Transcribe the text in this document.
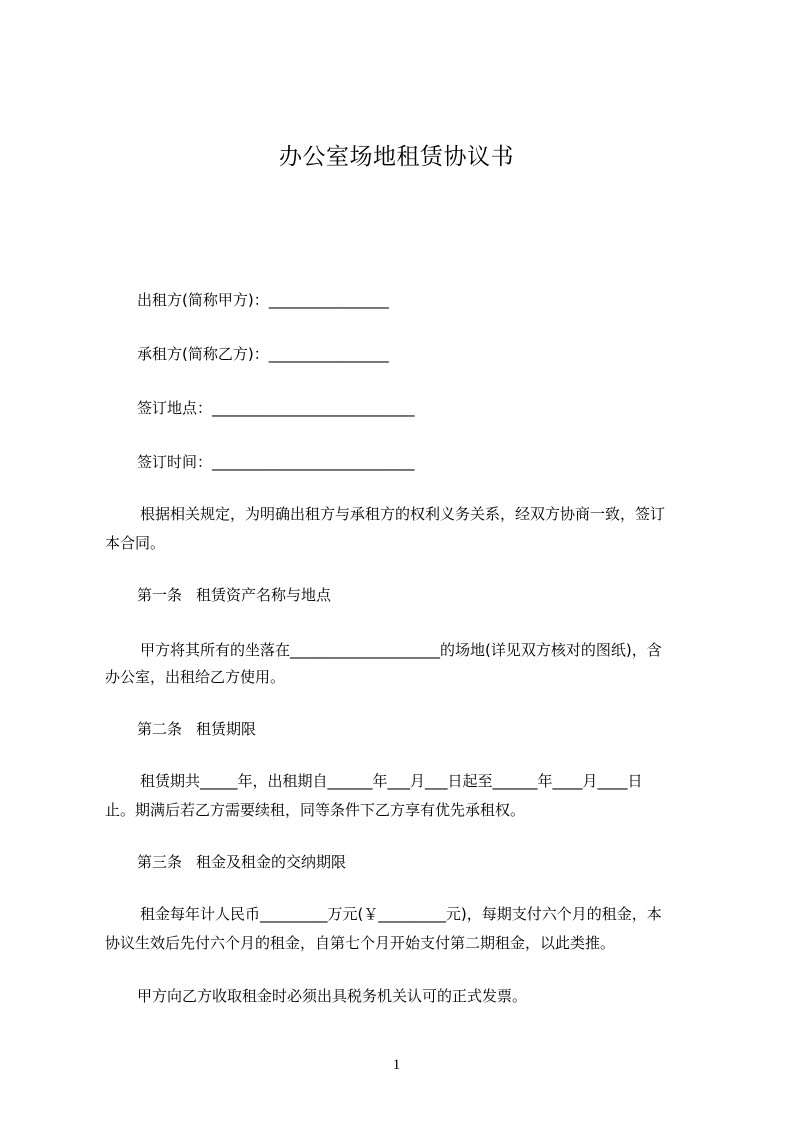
办公室场地租赁协议书
出租方(简称甲方)：________________
承租方(简称乙方)：________________
签订地点：___________________________
签订时间：___________________________
根据相关规定，为明确出租方与承租方的权利义务关系，经双方协商一致，签订
本合同。
第一条 租赁资产名称与地点
甲方将其所有的坐落在____________________的场地(详见双方核对的图纸)，含
办公室，出租给乙方使用。
第二条 租赁期限
租赁期共_____年，出租期自______年___月___日起至______年____月____日
止。期满后若乙方需要续租，同等条件下乙方享有优先承租权。
第三条 租金及租金的交纳期限
租金每年计人民币_________万元(￥_________元)，每期支付六个月的租金，本
协议生效后先付六个月的租金，自第七个月开始支付第二期租金，以此类推。
甲方向乙方收取租金时必须出具税务机关认可的正式发票。
1
